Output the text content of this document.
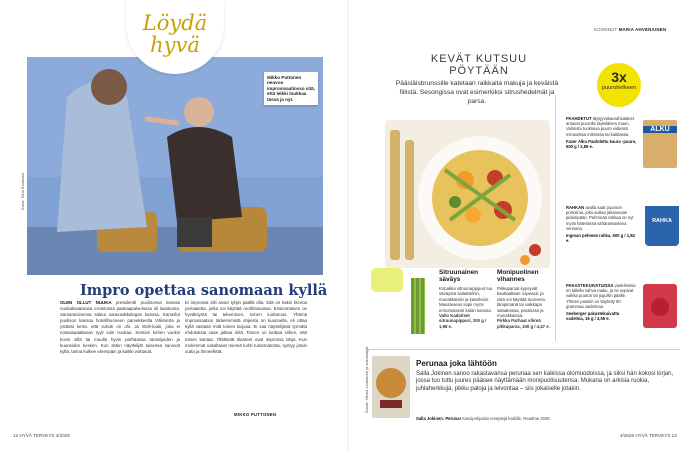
Kuva: Tiina Koskinen
Mikko Puttonen neuvoo improvisaatiossa sitä, että leikki loukkaa tässä ja nyt.
Löydä
hyvä
Impro opettaa sanomaan kyllä
OLEN OLLUT NUUKA presidentti puolisonsa kanssa nuokaksaaisiasa erotetussa paanaapalvelussa oli laasteosa. Samaraisinensa sakea saravaakkelegan kanssa. Karsellut puolison kanssa hotellihuoneen parvekkeelta Välimerta ja ystävät kerta. että suhde on ohi. Ja Wolt-luuki, joka ei nostaisaaaltavan ryyli vain nuokaa. Kenties kehen vuoksi kovin sillä tai muulla hyvin parhaassa tanssijoiden ja kuuneiden kesken. Kun sitten näyttelijät toisensa sanovat kyllä, tarina kulkee eteenpäin ja kaikki voittavat.
Ei improssa silti aivan tyhjin päällä olla. Sitä on kaksi hienoa periaatetta, jotka voi käyttää roolihamaissa. Ensimmäinen on hyväksyntä tai tekeminen, toinen luottamus. Yhtenä improvisaation tärkeimmistä ohjeista on kuunnella, eli ottaa kyllä vastaan mitä toinen tarjoaa. Ei saa näyttelijänä tyrmätä ehdotuksia vaan jatkaa niitä. Toinen on luottaa siihen, että toinen kantaa. Yllättävät tilanteet ovat improssa lahja. Kun molemmat uskaltavat mennä kohti tuntematonta, syntyy jotain uutta ja ihmeellistä.
MIKKO PUTTONEN
12 HYVÄ TERVEYS 4/2026
KOONNUT MARIA AHVENAINEN
KEVÄT KUTSUU
PÖYTÄÄN
Pääsiäisbrunssille katetaan raikkaita makuja ja keväistä fiilistä. Sesongissa ovat esimerkiksi sitrushedelmät ja parsa.
3x
puurohetkeen
PAAHDETUT täysjyväkaurahiutaleet antavat puurolle täyteläisen maun. Valmista tuoksuva puuro viidessä minuutissa mikrossa tai kattilassa.
Fazer Alku Paahdettu kaura -puuro, 500 g / 2,89 e.
ALKU
RAHKAN avulla saat puuroon proteiinia, joka auttaa jaksamaan pidempään. Pehmeää rahkaa on nyt myös kätevässä vähärasvaisena versiona.
Ingman pehmeä rahka, 500 g / 1,84 e.
RAHKA
PAKASTEKUIVATUISSA vadelmissa on tallella vahva maku, ja ne sopivat vaikka puuron tai jogurtin päälle. Yhteen pussiin on käytetty 90 grammaa vadelmaa.
Seeberger pakastekuivattu vadelma, 15 g / 3,55 e.
Sitruunainen säväys
Kirpakka sitruunapippuri tuo säväystä salaatteihin, munakkaisiin ja kasviksiin. Mausteseos sopii myös erinomaisesti kalan kanssa.
Valio Kadoitset sitruunapippuri, 200 g / 1,98 e.
Monipuolinen vihannes
Pikkuparsat kypsyvät kauttaaltaan nopeasti, ja niitä voi käyttää tuoreena, lämpimänä tai vaikkapa salaateissa, pastoissa ja munakkaissa.
Pirkka Parhaat vihreä pikkuparsa, 100 g / 4,47 e.
Kuvat: Minna Lindström ja valmistajat	Perunaa joka lähtöön
Salla Jokinen sanoo rakastavansa perunaa sen kaikissa olomuodoissa, ja siksi hän kokosi kirjan, jossa tuo tuttu juures pääsee näyttämään monipuolisuutensa. Mukana on arkisia ruokia, juhlaherkkuja, pikku paloja ja leivontaa – siis jokaiselle jotakin.
Salla Jokinen: Peruna! Kasvipohjaisia reseptejä kaikille. Readme 2026.
4/2026 HYVÄ TERVEYS 13
